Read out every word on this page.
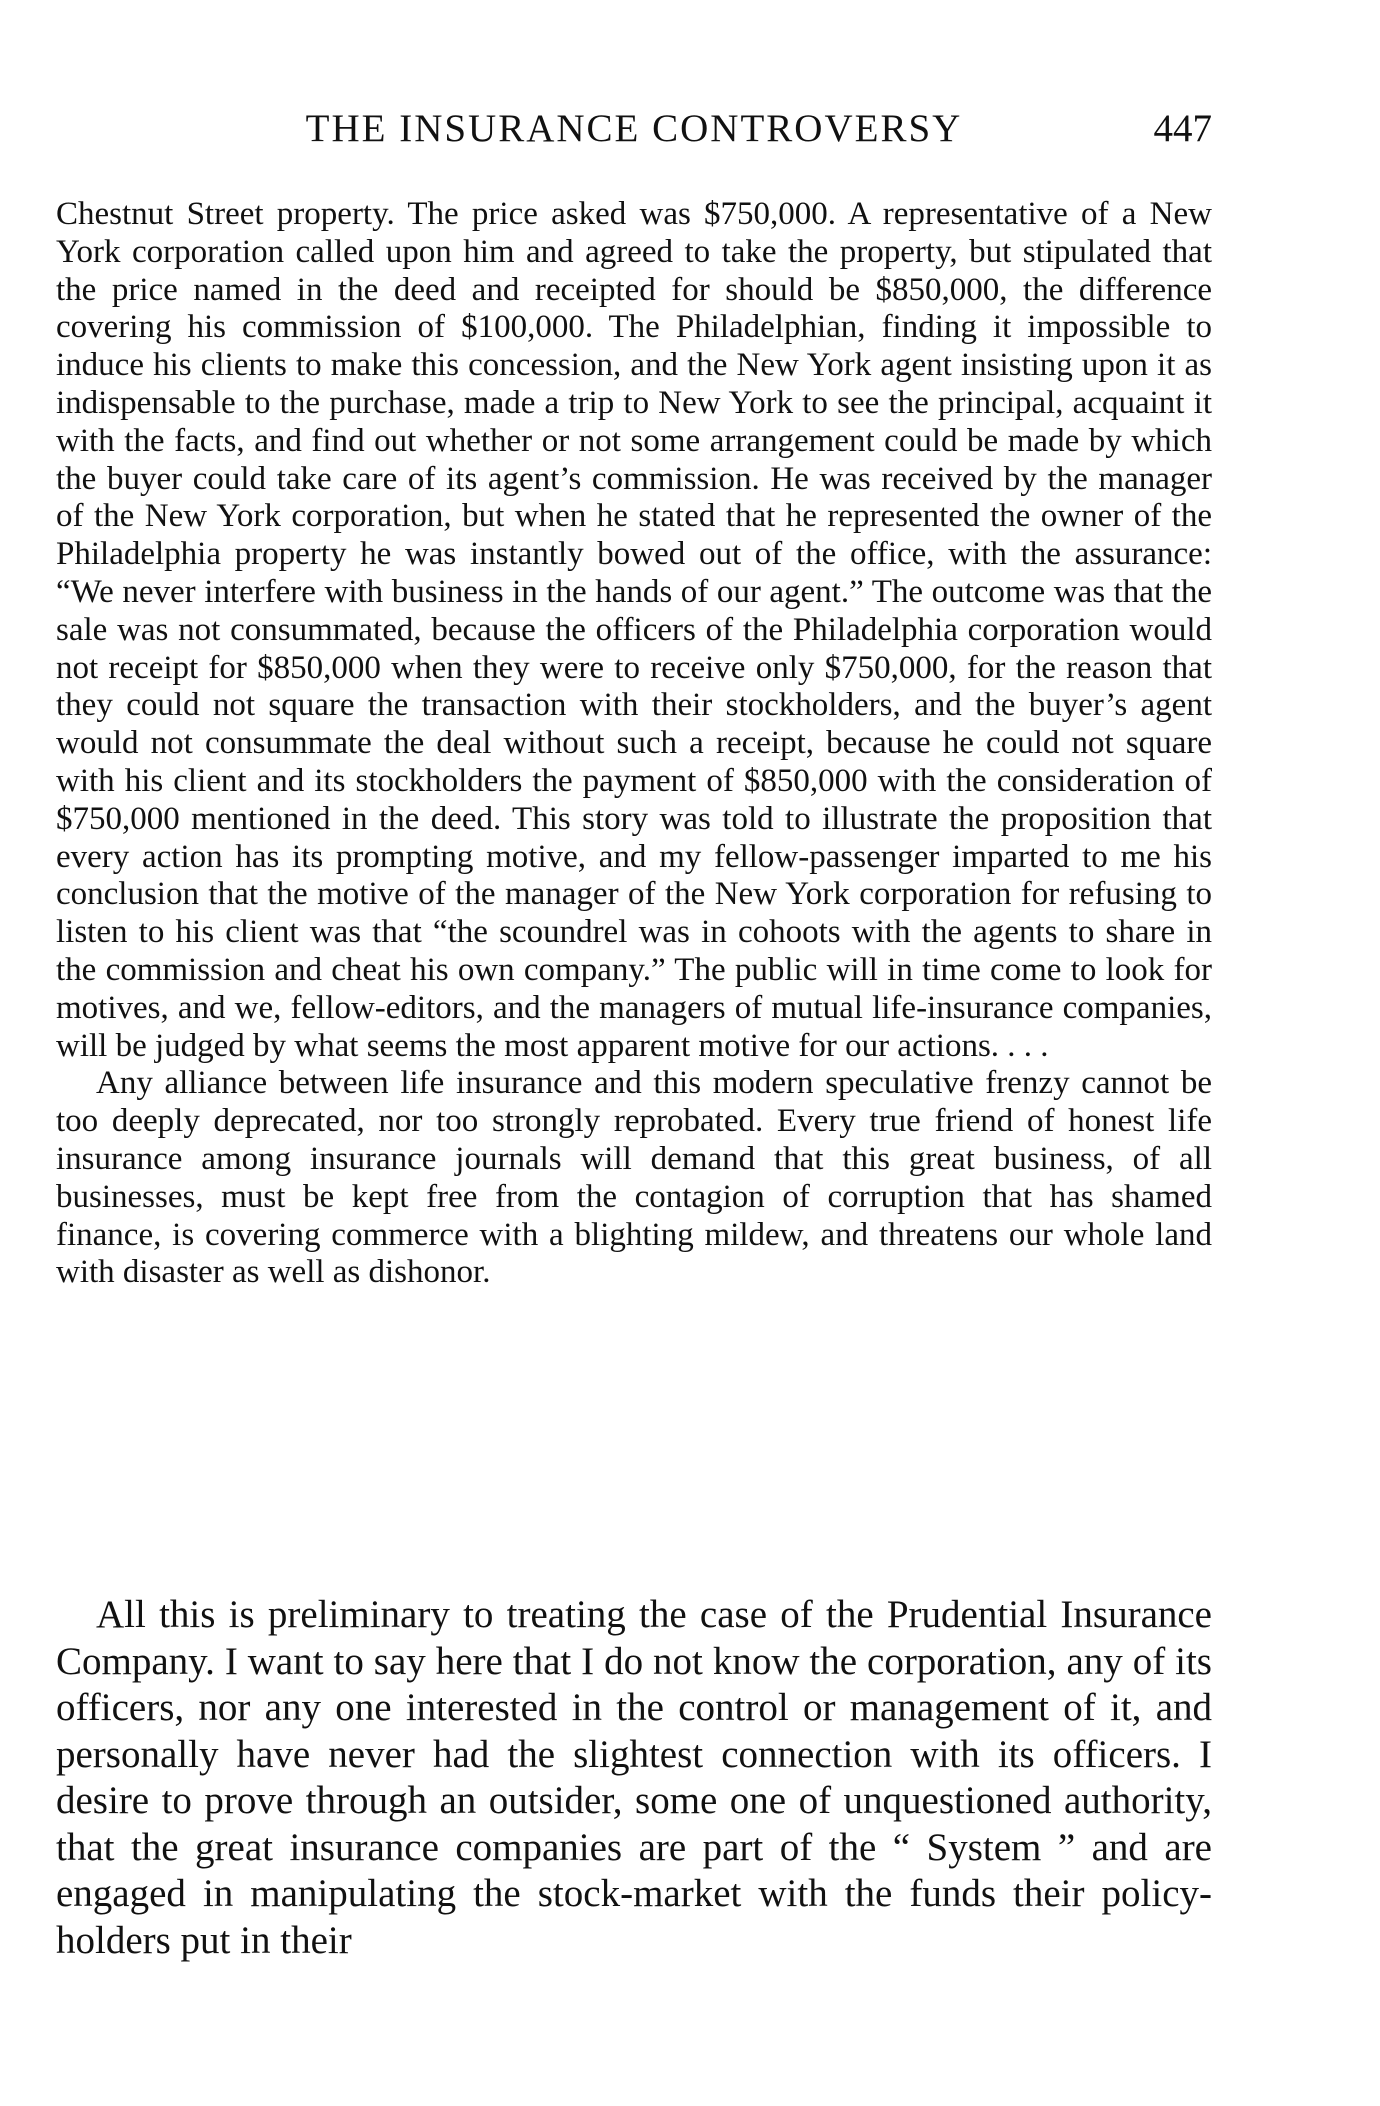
THE INSURANCE CONTROVERSY	447

Chestnut Street property. The price asked was $750,000. A representative of a New York corporation called upon him and agreed to take the property, but stipulated that the price named in the deed and receipted for should be $850,000, the difference covering his commission of $100,000. The Philadelphian, finding it impossible to induce his clients to make this concession, and the New York agent insisting upon it as indispensable to the purchase, made a trip to New York to see the principal, acquaint it with the facts, and find out whether or not some arrangement could be made by which the buyer could take care of its agent’s commission. He was received by the manager of the New York corporation, but when he stated that he represented the owner of the Philadelphia property he was instantly bowed out of the office, with the assurance: “We never interfere with business in the hands of our agent.” The outcome was that the sale was not consummated, because the officers of the Philadelphia corporation would not receipt for $850,000 when they were to receive only $750,000, for the reason that they could not square the transaction with their stockholders, and the buyer’s agent would not consummate the deal without such a receipt, because he could not square with his client and its stockholders the payment of $850,000 with the consideration of $750,000 mentioned in the deed. This story was told to illustrate the proposition that every action has its prompting motive, and my fellow-passenger imparted to me his conclusion that the motive of the manager of the New York corporation for refusing to listen to his client was that “the scoundrel was in cohoots with the agents to share in the commission and cheat his own company.” The public will in time come to look for motives, and we, fellow-editors, and the managers of mutual life-insurance companies, will be judged by what seems the most apparent motive for our actions. . . .

Any alliance between life insurance and this modern speculative frenzy cannot be too deeply deprecated, nor too strongly reprobated. Every true friend of honest life insurance among insurance journals will demand that this great business, of all businesses, must be kept free from the contagion of corruption that has shamed finance, is covering commerce with a blighting mildew, and threatens our whole land with disaster as well as dishonor.

All this is preliminary to treating the case of the Prudential Insurance Company. I want to say here that I do not know the corporation, any of its officers, nor any one interested in the control or management of it, and personally have never had the slightest connection with its officers. I desire to prove through an outsider, some one of unquestioned authority, that the great insurance companies are part of the “ System ” and are engaged in manipulating the stock-market with the funds their policy-holders put in their
